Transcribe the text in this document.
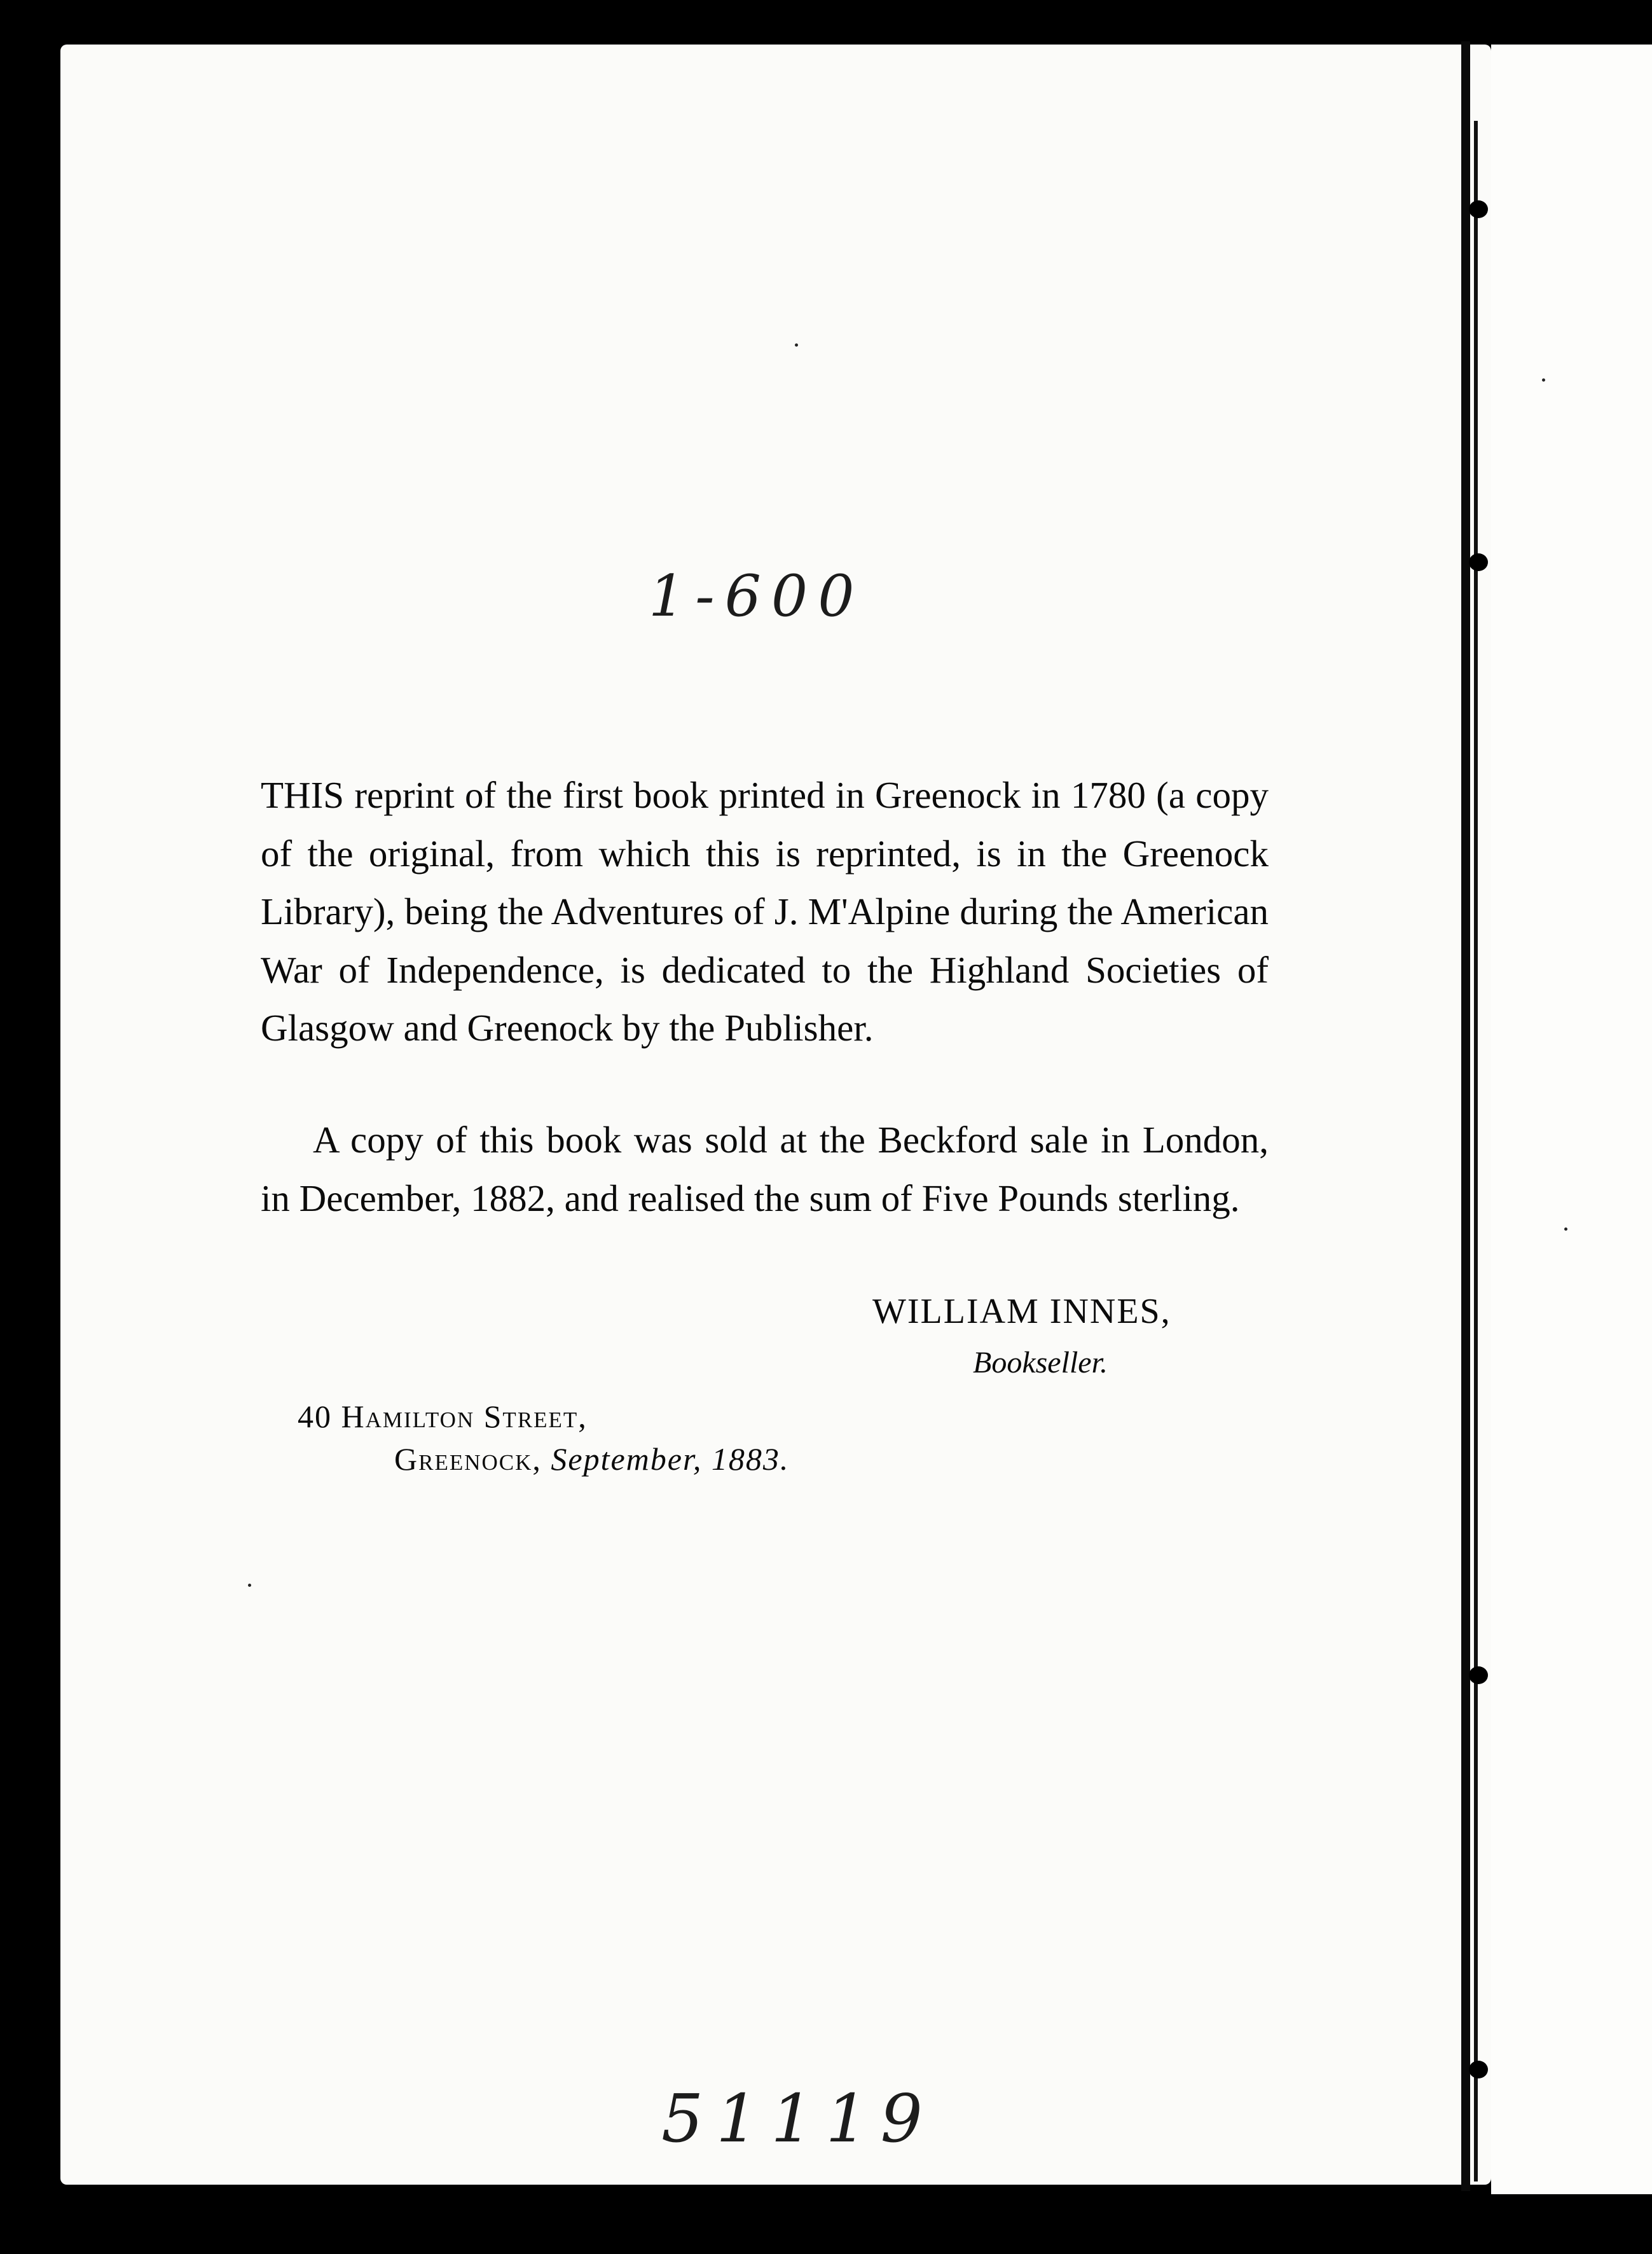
1-600

THIS reprint of the first book printed in Greenock in 1780 (a copy of the original, from which this is reprinted, is in the Greenock Library), being the Adventures of J. M'Alpine during the American War of Independence, is dedicated to the Highland Societies of Glasgow and Greenock by the Publisher.

A copy of this book was sold at the Beckford sale in London, in December, 1882, and realised the sum of Five Pounds sterling.

WILLIAM INNES,
Bookseller.
40 Hamilton Street,
Greenock, September, 1883.
51119
